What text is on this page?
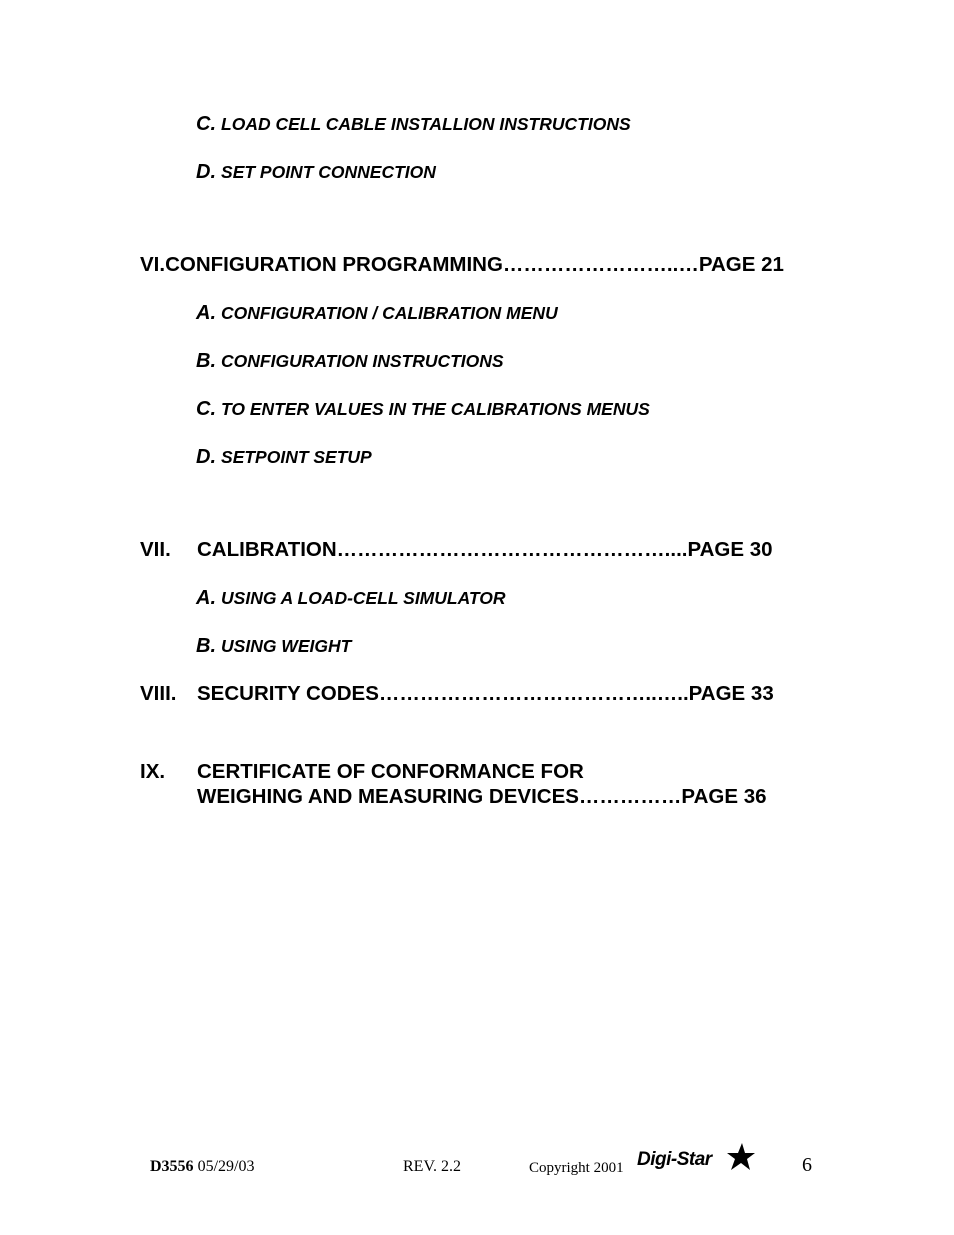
C. LOAD CELL CABLE INSTALLION INSTRUCTIONS
D. SET POINT CONNECTION
VI.CONFIGURATION PROGRAMMING……………………..…PAGE 21
A. CONFIGURATION / CALIBRATION MENU
B. CONFIGURATION INSTRUCTIONS
C. TO ENTER VALUES IN THE CALIBRATIONS MENUS
D. SETPOINT SETUP
VII. CALIBRATION…………………………………………....PAGE 30
A. USING A LOAD-CELL SIMULATOR
B. USING WEIGHT
VIII. SECURITY CODES…………………………………..…..PAGE 33
IX. CERTIFICATE OF CONFORMANCE FOR
WEIGHING AND MEASURING DEVICES……………PAGE 36
D3556 05/29/03	REV. 2.2	Copyright 2001 Digi-Star	6
